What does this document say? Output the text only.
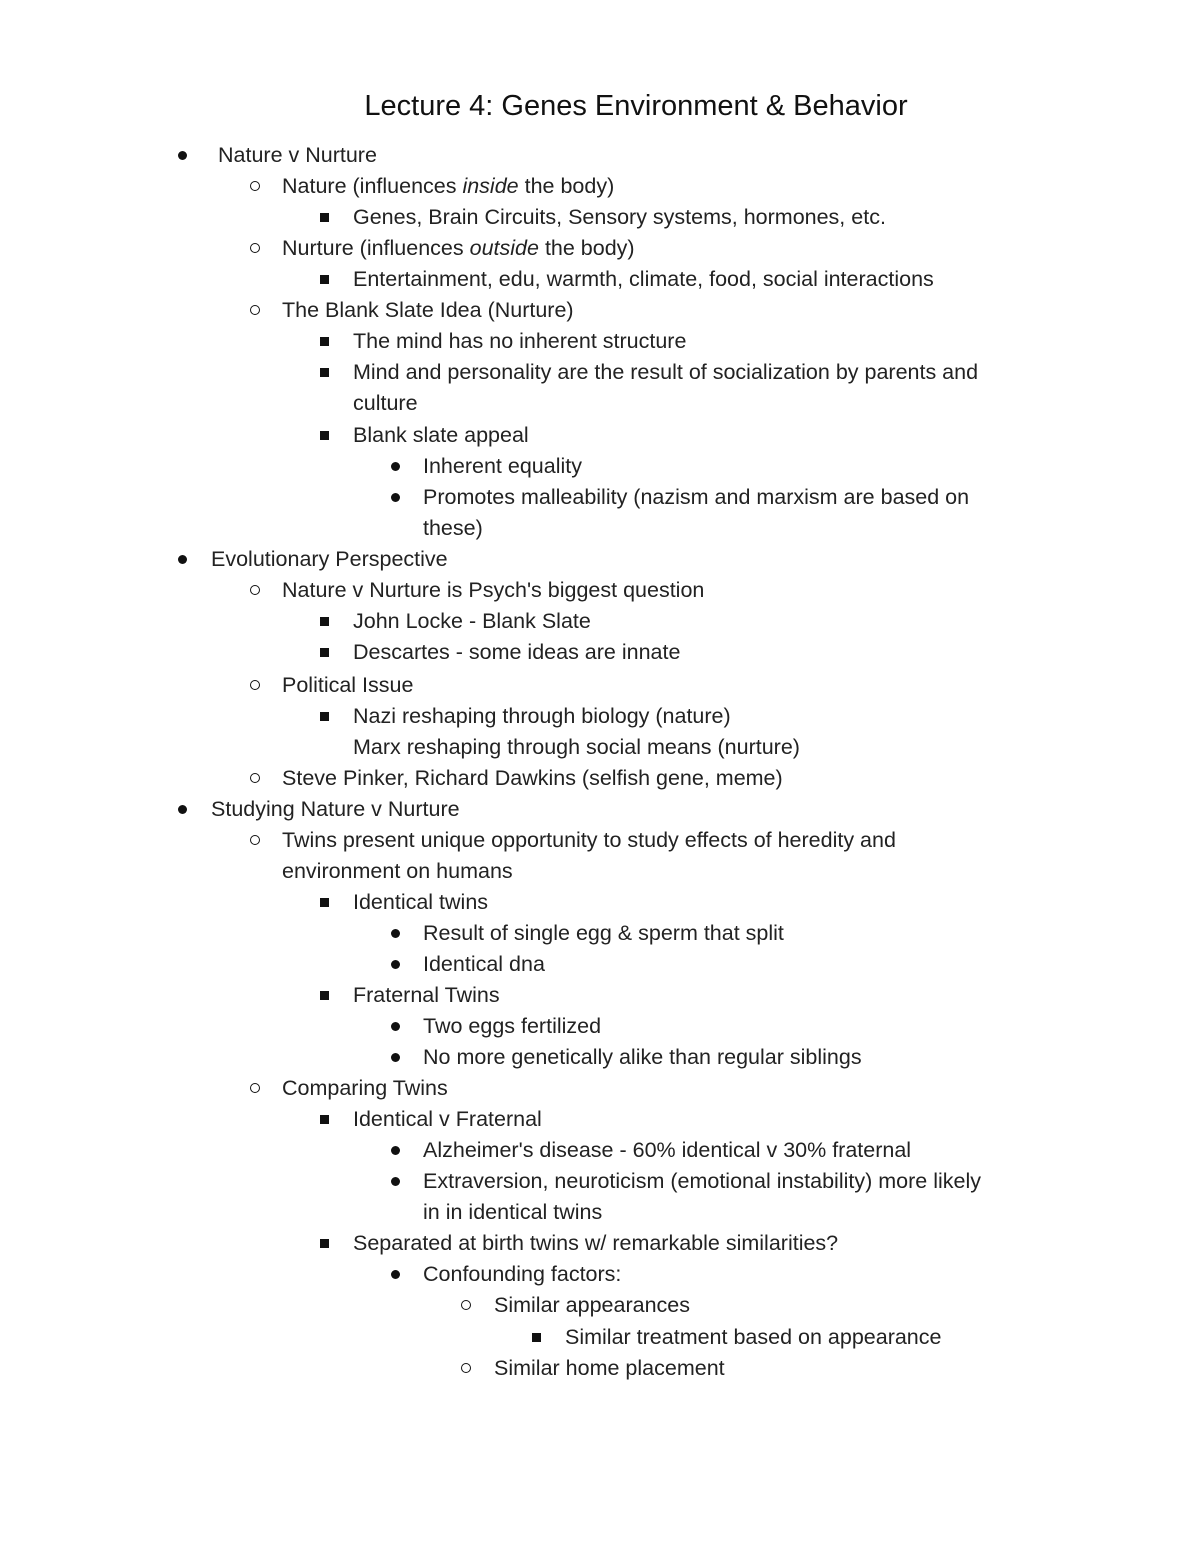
Lecture 4: Genes Environment & Behavior
Nature v Nurture
Nature (influences inside the body)
Genes, Brain Circuits, Sensory systems, hormones, etc.
Nurture (influences outside the body)
Entertainment, edu, warmth, climate, food, social interactions
The Blank Slate Idea (Nurture)
The mind has no inherent structure
Mind and personality are the result of socialization by parents and
culture
Blank slate appeal
Inherent equality
Promotes malleability (nazism and marxism are based on
these)
Evolutionary Perspective
Nature v Nurture is Psych's biggest question
John Locke - Blank Slate
Descartes - some ideas are innate
Political Issue
Nazi reshaping through biology (nature)
Marx reshaping through social means (nurture)
Steve Pinker, Richard Dawkins (selfish gene, meme)
Studying Nature v Nurture
Twins present unique opportunity to study effects of heredity and
environment on humans
Identical twins
Result of single egg & sperm that split
Identical dna
Fraternal Twins
Two eggs fertilized
No more genetically alike than regular siblings
Comparing Twins
Identical v Fraternal
Alzheimer's disease - 60% identical v 30% fraternal
Extraversion, neuroticism (emotional instability) more likely
in in identical twins
Separated at birth twins w/ remarkable similarities?
Confounding factors:
Similar appearances
Similar treatment based on appearance
Similar home placement
